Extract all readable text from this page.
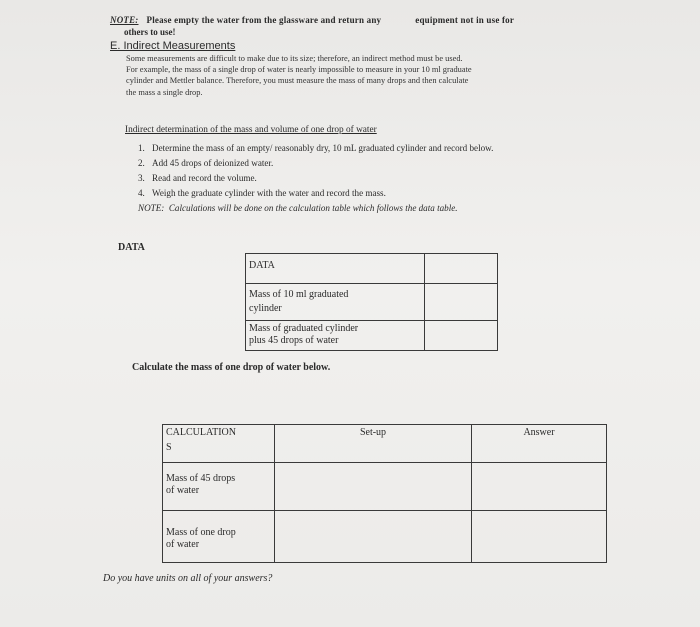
NOTE: Please empty the water from the glassware and return any	equipment not in use for
others to use!
E. Indirect Measurements
Some measurements are difficult to make due to its size; therefore, an indirect method must be used.
For example, the mass of a single drop of water is nearly impossible to measure in your 10 ml graduate
cylinder and Mettler balance. Therefore, you must measure the mass of many drops and then calculate
the mass a single drop.
Indirect determination of the mass and volume of one drop of water
1. Determine the mass of an empty/ reasonably dry, 10 mL graduated cylinder and record below.
2. Add 45 drops of deionized water.
3. Read and record the volume.
4. Weigh the graduate cylinder with the water and record the mass.
NOTE: Calculations will be done on the calculation table which follows the data table.
DATA
DATA	

Mass of 10 ml graduated
cylinder	

Mass of graduated cylinder
plus 45 drops of water	

Calculate the mass of one drop of water below.
CALCULATION
S	Set-up	Answer

Mass of 45 drops
of water		

Mass of one drop
of water		

Do you have units on all of your answers?
